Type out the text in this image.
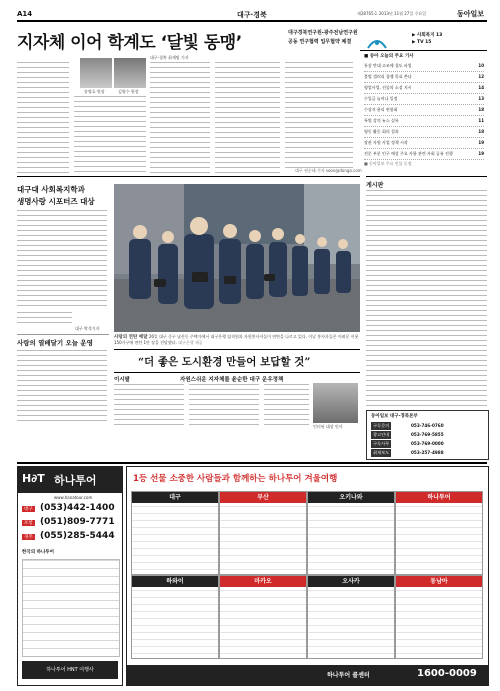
A14	대구·경북	제28765호 2013년 11월 27일 수요일	동아일보
지자체 이어 학계도 ‘달빛 동맹’	대구경북연구원-광주전남연구원
공동 연구협력 업무협약 체결
대구·경북 취재팀 기자
송영호 원장	김영수 원장
대구 권순태 기자 soon@donga.com
▶ 사회복지 13
▶ TV 15
■ 동아 오늘의 주요 기사
통상 반대 고조에 철도 파업	10
불법 갤러리 경쟁 목표 쓴다	12
영업사업, 선물의 소셜 지시	14
수입금 늘어나 일정	13
수상자 윤리 연합회	18
특별 강의 뉴스 실록	11
영동 활동 회의 결과	18
장관 자원 사업 정책 시작	19
전문 부분 인구 예상 주요 사항 관련 사회 공유 진행	19
■ 동아일보 주요 인물 동정
대구대 사회복지학과
생명사랑 시포터즈 대상
대구 박석기자
사랑의 열배달기 오늘 운영
사랑의 연탄 배달 26일 대구 중구 남산동 주택가에서 대구은행 임직원과 자원봉사자들이 연탄을 나르고 있다. 이날 봉사자들은 어려운 이웃 150가구에 연탄 1만 장을 전달했다. 대구은행 제공
“더 좋은 도시환경 만들어 보답할 것”
이시팔	자원스쉬운 지자체를 윤순한 대구 운우정책
인터뷰 대상 인사
게시판
동아일보 대구·경북본부
구독문의	053-746-0760
광고안내	053-769-5855
구독사무	053-769-0000
취재보도	053-257-4988
H∂T 하나투어
www.hanatour.com
대구 (053)442-1400
포항 (051)809-7771
경주 (055)285-5444
한국의 하나투어
하나투어 HNT 여행사
1등 선물 소중한 사람들과 함께하는 하나투어 겨울여행
대구	부산	오키나와	하나투어
하와이	마카오	오사카	동남아
하나투어 콜센터	1600-0009
